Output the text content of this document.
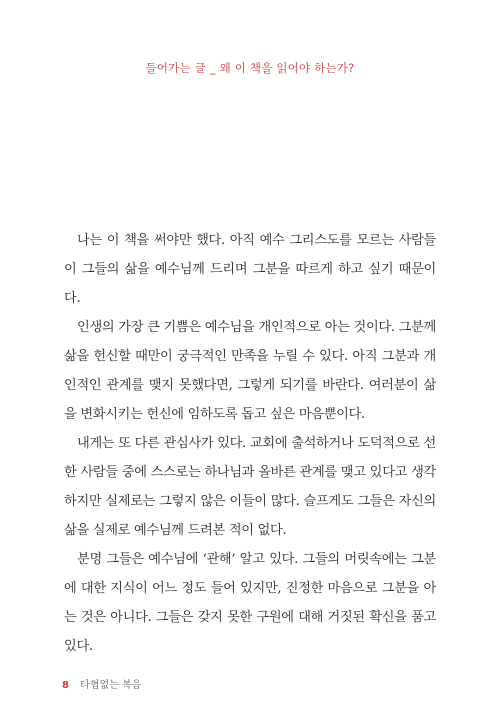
들어가는 글 _ 왜 이 책을 읽어야 하는가?

나는 이 책을 써야만 했다. 아직 예수 그리스도를 모르는 사람들이 그들의 삶을 예수님께 드리며 그분을 따르게 하고 싶기 때문이다.

인생의 가장 큰 기쁨은 예수님을 개인적으로 아는 것이다. 그분께 삶을 헌신할 때만이 궁극적인 만족을 누릴 수 있다. 아직 그분과 개인적인 관계를 맺지 못했다면, 그렇게 되기를 바란다. 여러분이 삶을 변화시키는 헌신에 임하도록 돕고 싶은 마음뿐이다.

내게는 또 다른 관심사가 있다. 교회에 출석하거나 도덕적으로 선한 사람들 중에 스스로는 하나님과 올바른 관계를 맺고 있다고 생각하지만 실제로는 그렇지 않은 이들이 많다. 슬프게도 그들은 자신의 삶을 실제로 예수님께 드려본 적이 없다.

분명 그들은 예수님에 ‘관해’ 알고 있다. 그들의 머릿속에는 그분에 대한 지식이 어느 정도 들어 있지만, 진정한 마음으로 그분을 아는 것은 아니다. 그들은 갖지 못한 구원에 대해 거짓된 확신을 품고 있다.

8 타협없는 복음
